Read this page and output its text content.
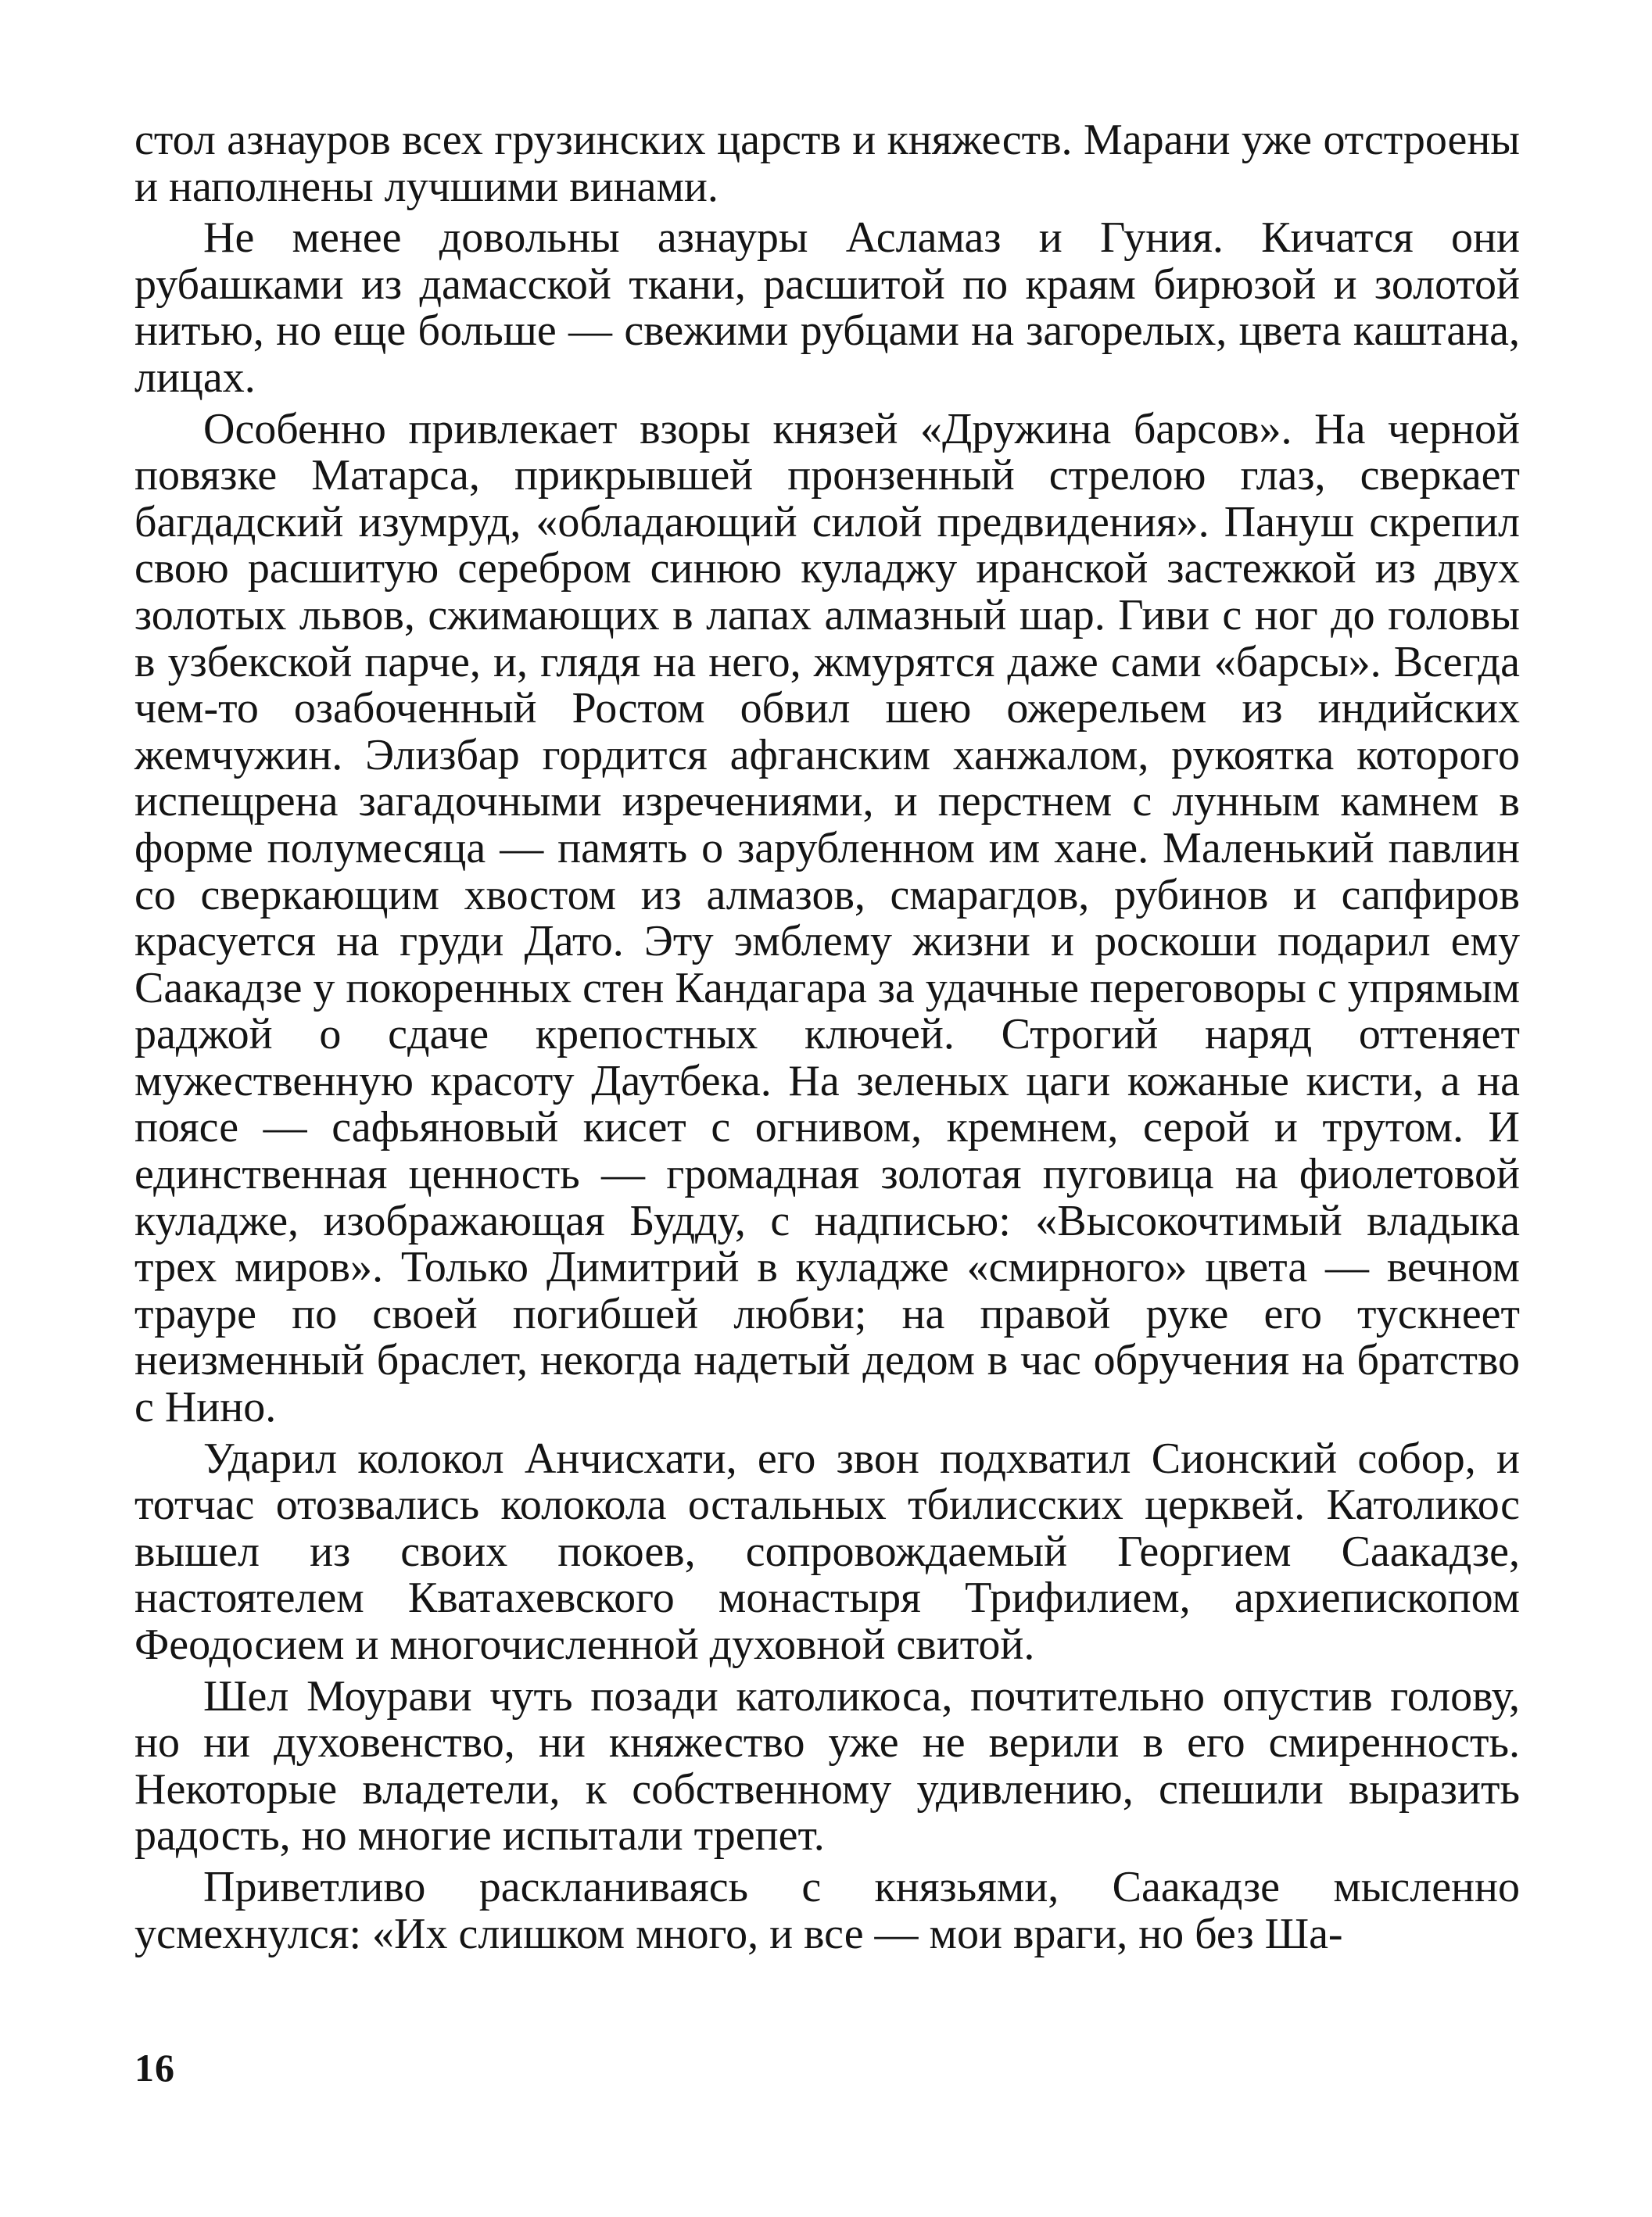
стол азнауров всех грузинских царств и княжеств. Марани уже отстроены и наполнены лучшими винами.

Не менее довольны азнауры Асламаз и Гуния. Кичатся они рубашками из дамасской ткани, расшитой по краям бирюзой и золотой нитью, но еще больше — свежими рубцами на загорелых, цвета каштана, лицах.

Особенно привлекает взоры князей «Дружина барсов». На черной повязке Матарса, прикрывшей пронзенный стрелою глаз, сверкает багдадский изумруд, «обладающий силой предвидения». Пануш скрепил свою расшитую серебром синюю куладжу иранской застежкой из двух золотых львов, сжимающих в лапах алмазный шар. Гиви с ног до головы в узбекской парче, и, глядя на него, жмурятся даже сами «барсы». Всегда чем-то озабоченный Ростом обвил шею ожерельем из индийских жемчужин. Элизбар гордится афганским ханжалом, рукоятка которого испещрена загадочными изречениями, и перстнем с лунным камнем в форме полумесяца — память о зарубленном им хане. Маленький павлин со сверкающим хвостом из алмазов, смарагдов, рубинов и сапфиров красуется на груди Дато. Эту эмблему жизни и роскоши подарил ему Саакадзе у покоренных стен Кандагара за удачные переговоры с упрямым раджой о сдаче крепостных ключей. Строгий наряд оттеняет мужественную красоту Даутбека. На зеленых цаги кожаные кисти, а на поясе — сафьяновый кисет с огнивом, кремнем, серой и трутом. И единственная ценность — громадная золотая пуговица на фиолетовой куладже, изображающая Будду, с надписью: «Высокочтимый владыка трех миров». Только Димитрий в куладже «смирного» цвета — вечном трауре по своей погибшей любви; на правой руке его тускнеет неизменный браслет, некогда надетый дедом в час обручения на братство с Нино.

Ударил колокол Анчисхати, его звон подхватил Сионский собор, и тотчас отозвались колокола остальных тбилисских церквей. Католикос вышел из своих покоев, сопровождаемый Георгием Саакадзе, настоятелем Кватахевского монастыря Трифилием, архиепископом Феодосием и многочисленной духовной свитой.

Шел Моурави чуть позади католикоса, почтительно опустив голову, но ни духовенство, ни княжество уже не верили в его смиренность. Некоторые владетели, к собственному удивлению, спешили выразить радость, но многие испытали трепет.

Приветливо раскланиваясь с князьями, Саакадзе мысленно усмехнулся: «Их слишком много, и все — мои враги, но без Ша-

16
